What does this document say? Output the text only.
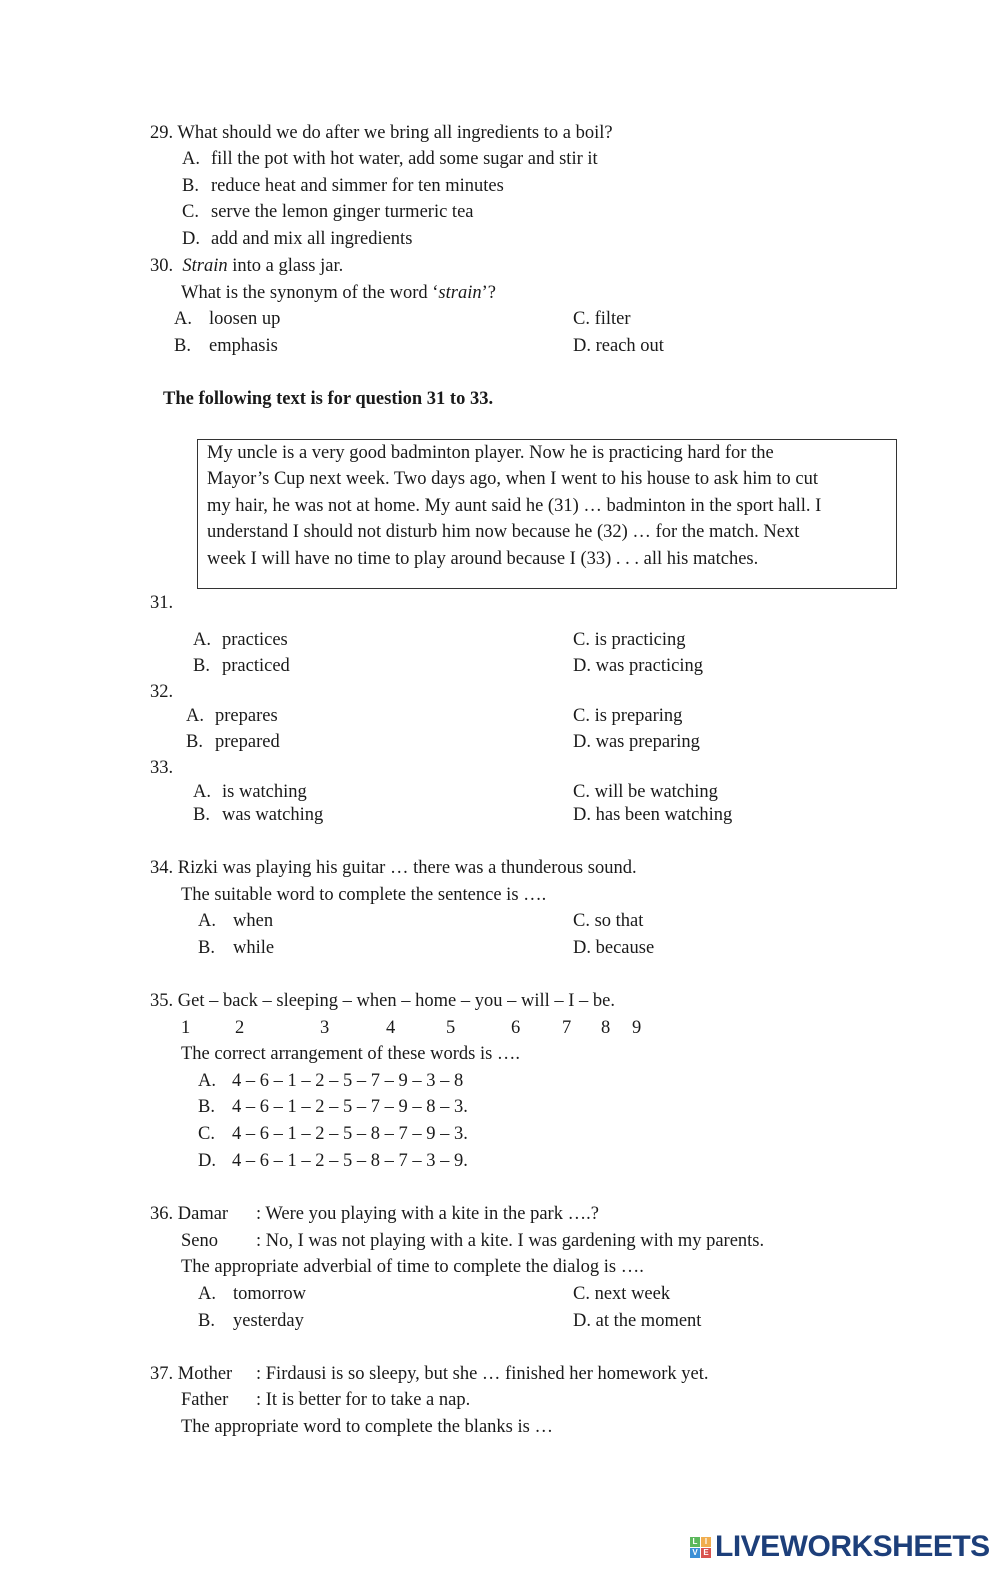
29. What should we do after we bring all ingredients to a boil?
A. fill the pot with hot water, add some sugar and stir it
B. reduce heat and simmer for ten minutes
C. serve the lemon ginger turmeric tea
D. add and mix all ingredients
30. Strain into a glass jar.
What is the synonym of the word ‘strain’?
A. loosen up
B. emphasis
C. filter
D. reach out
The following text is for question 31 to 33.
My uncle is a very good badminton player. Now he is practicing hard for the
Mayor’s Cup next week. Two days ago, when I went to his house to ask him to cut
my hair, he was not at home. My aunt said he (31) … badminton in the sport hall. I
understand I should not disturb him now because he (32) … for the match. Next
week I will have no time to play around because I (33) . . . all his matches.
31.
A. practices
B. practiced
C. is practicing
D. was practicing
32.
A. prepares
B. prepared
C. is preparing
D. was preparing
33.
A. is watching
B. was watching
C. will be watching
D. has been watching
34. Rizki was playing his guitar … there was a thunderous sound.
The suitable word to complete the sentence is ….
A. when
B. while
C. so that
D. because
35. Get – back – sleeping – when – home – you – will – I – be.
1 2	3	4	5	6 7 8 9
The correct arrangement of these words is ….
A. 4 – 6 – 1 – 2 – 5 – 7 – 9 – 3 – 8
B. 4 – 6 – 1 – 2 – 5 – 7 – 9 – 8 – 3.
C. 4 – 6 – 1 – 2 – 5 – 8 – 7 – 9 – 3.
D. 4 – 6 – 1 – 2 – 5 – 8 – 7 – 3 – 9.
36. Damar : Were you playing with a kite in the park ….?
Seno : No, I was not playing with a kite. I was gardening with my parents.
The appropriate adverbial of time to complete the dialog is ….
A. tomorrow
B. yesterday
C. next week
D. at the moment
37. Mother : Firdausi is so sleepy, but she … finished her homework yet.
Father : It is better for to take a nap.
The appropriate word to complete the blanks is …
L I
V E LIVEWORKSHEETS
